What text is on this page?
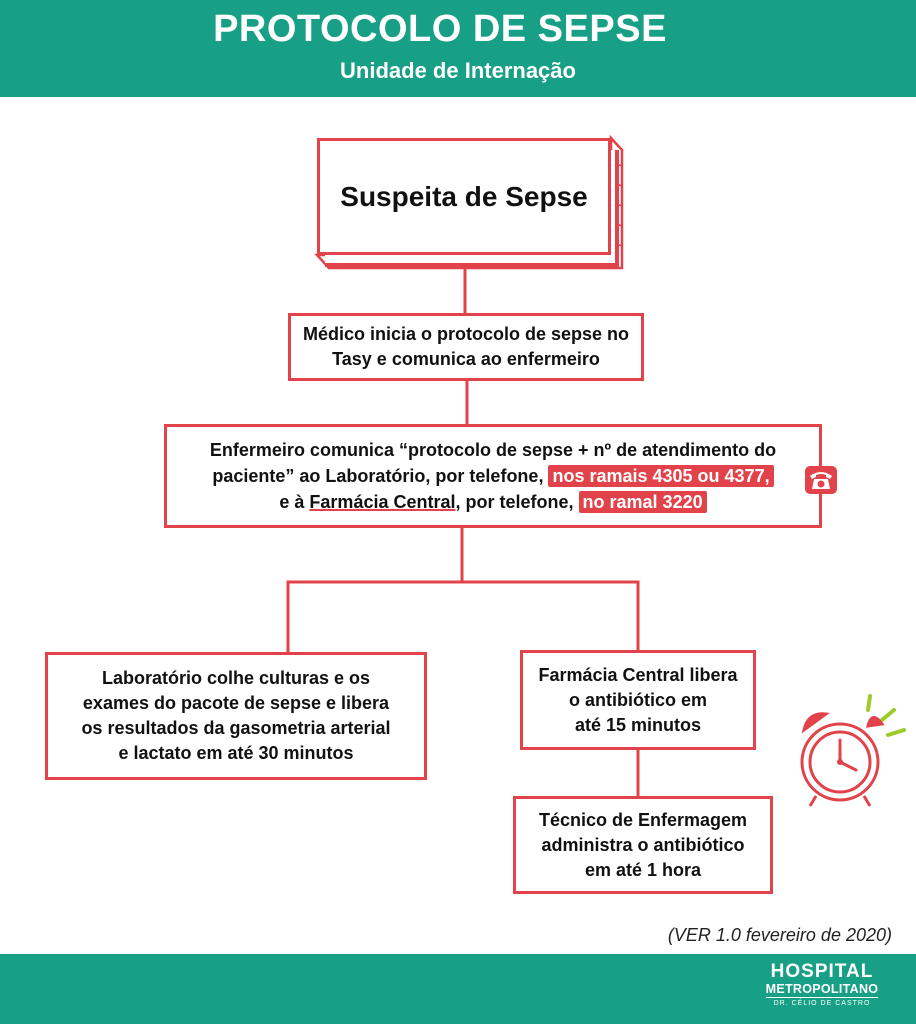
PROTOCOLO DE SEPSE
Unidade de Internação
Suspeita de Sepse
Médico inicia o protocolo de sepse no
Tasy e comunica ao enfermeiro
Enfermeiro comunica “protocolo de sepse + nº de atendimento do
paciente” ao Laboratório, por telefone, nos ramais 4305 ou 4377,
e à Farmácia Central, por telefone, no ramal 3220
Laboratório colhe culturas e os
exames do pacote de sepse e libera
os resultados da gasometria arterial
e lactato em até 30 minutos
Farmácia Central libera
o antibiótico em
até 15 minutos
Técnico de Enfermagem
administra o antibiótico
em até 1 hora
(VER 1.0 fevereiro de 2020)
HOSPITAL
METROPOLITANO
DR. CÉLIO DE CASTRO
